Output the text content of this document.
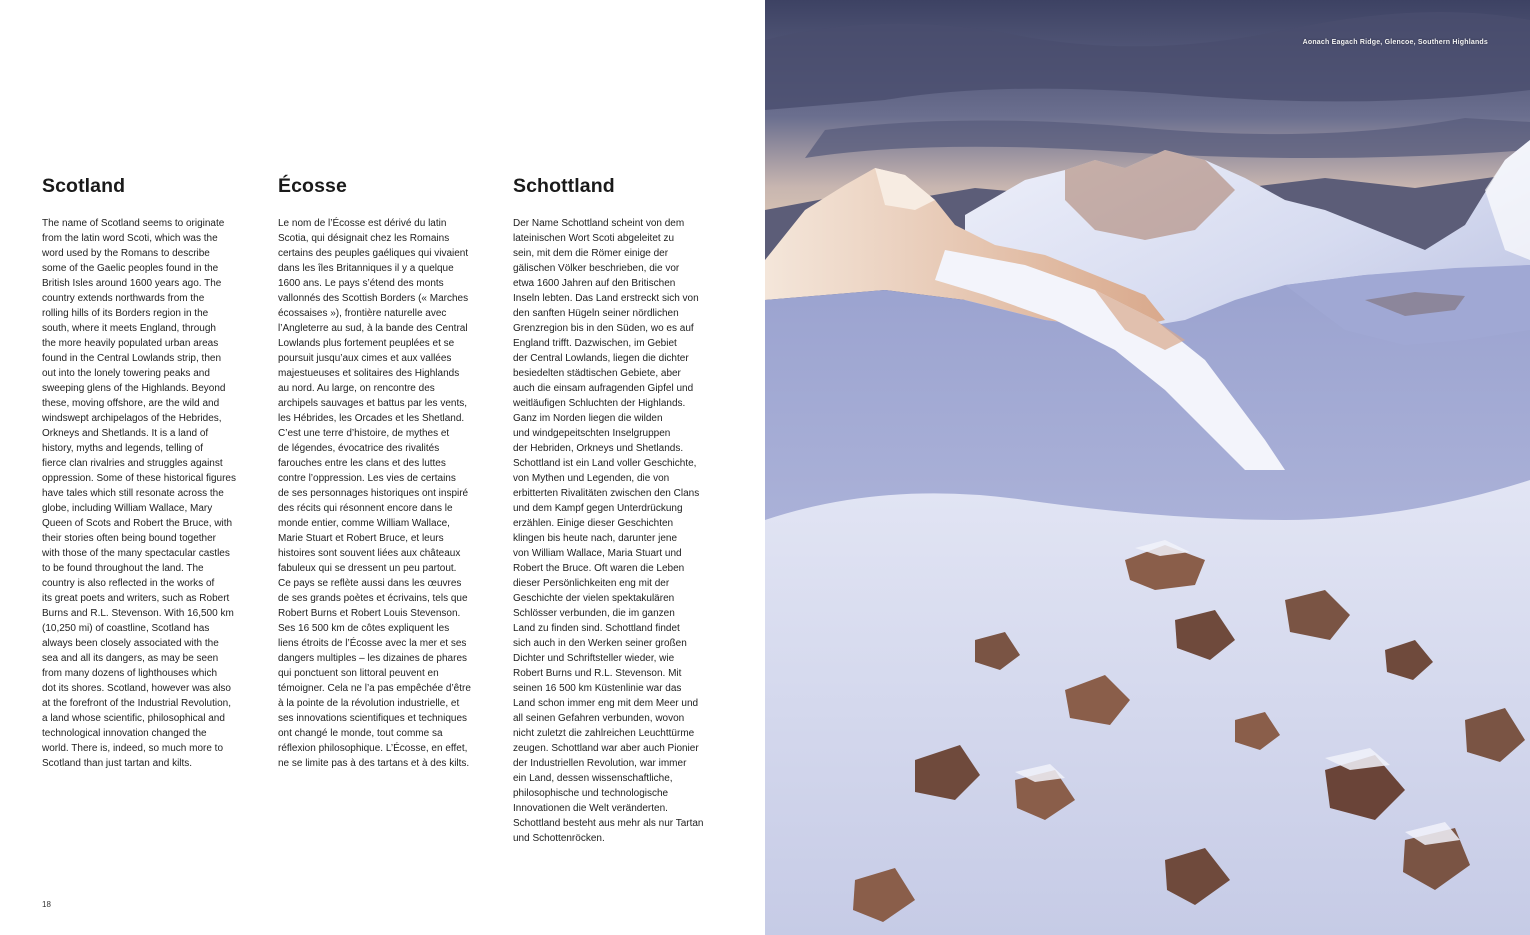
Scotland

The name of Scotland seems to originate
from the latin word Scoti, which was the
word used by the Romans to describe
some of the Gaelic peoples found in the
British Isles around 1600 years ago. The
country extends northwards from the
rolling hills of its Borders region in the
south, where it meets England, through
the more heavily populated urban areas
found in the Central Lowlands strip, then
out into the lonely towering peaks and
sweeping glens of the Highlands. Beyond
these, moving offshore, are the wild and
windswept archipelagos of the Hebrides,
Orkneys and Shetlands. It is a land of
history, myths and legends, telling of
fierce clan rivalries and struggles against
oppression. Some of these historical figures
have tales which still resonate across the
globe, including William Wallace, Mary
Queen of Scots and Robert the Bruce, with
their stories often being bound together
with those of the many spectacular castles
to be found throughout the land. The
country is also reflected in the works of
its great poets and writers, such as Robert
Burns and R.L. Stevenson. With 16,500 km
(10,250 mi) of coastline, Scotland has
always been closely associated with the
sea and all its dangers, as may be seen
from many dozens of lighthouses which
dot its shores. Scotland, however was also
at the forefront of the Industrial Revolution,
a land whose scientific, philosophical and
technological innovation changed the
world. There is, indeed, so much more to
Scotland than just tartan and kilts.

Écosse

Le nom de l’Écosse est dérivé du latin
Scotia, qui désignait chez les Romains
certains des peuples gaéliques qui vivaient
dans les îles Britanniques il y a quelque
1600 ans. Le pays s’étend des monts
vallonnés des Scottish Borders (« Marches
écossaises »), frontière naturelle avec
l’Angleterre au sud, à la bande des Central
Lowlands plus fortement peuplées et se
poursuit jusqu’aux cimes et aux vallées
majestueuses et solitaires des Highlands
au nord. Au large, on rencontre des
archipels sauvages et battus par les vents,
les Hébrides, les Orcades et les Shetland.
C’est une terre d’histoire, de mythes et
de légendes, évocatrice des rivalités
farouches entre les clans et des luttes
contre l’oppression. Les vies de certains
de ses personnages historiques ont inspiré
des récits qui résonnent encore dans le
monde entier, comme William Wallace,
Marie Stuart et Robert Bruce, et leurs
histoires sont souvent liées aux châteaux
fabuleux qui se dressent un peu partout.
Ce pays se reflète aussi dans les œuvres
de ses grands poètes et écrivains, tels que
Robert Burns et Robert Louis Stevenson.
Ses 16 500 km de côtes expliquent les
liens étroits de l’Écosse avec la mer et ses
dangers multiples – les dizaines de phares
qui ponctuent son littoral peuvent en
témoigner. Cela ne l’a pas empêchée d’être
à la pointe de la révolution industrielle, et
ses innovations scientifiques et techniques
ont changé le monde, tout comme sa
réflexion philosophique. L’Écosse, en effet,
ne se limite pas à des tartans et à des kilts.

Schottland

Der Name Schottland scheint von dem
lateinischen Wort Scoti abgeleitet zu
sein, mit dem die Römer einige der
gälischen Völker beschrieben, die vor
etwa 1600 Jahren auf den Britischen
Inseln lebten. Das Land erstreckt sich von
den sanften Hügeln seiner nördlichen
Grenzregion bis in den Süden, wo es auf
England trifft. Dazwischen, im Gebiet
der Central Lowlands, liegen die dichter
besiedelten städtischen Gebiete, aber
auch die einsam aufragenden Gipfel und
weitläufigen Schluchten der Highlands.
Ganz im Norden liegen die wilden
und windgepeitschten Inselgruppen
der Hebriden, Orkneys und Shetlands.
Schottland ist ein Land voller Geschichte,
von Mythen und Legenden, die von
erbitterten Rivalitäten zwischen den Clans
und dem Kampf gegen Unterdrückung
erzählen. Einige dieser Geschichten
klingen bis heute nach, darunter jene
von William Wallace, Maria Stuart und
Robert the Bruce. Oft waren die Leben
dieser Persönlichkeiten eng mit der
Geschichte der vielen spektakulären
Schlösser verbunden, die im ganzen
Land zu finden sind. Schottland findet
sich auch in den Werken seiner großen
Dichter und Schriftsteller wieder, wie
Robert Burns und R.L. Stevenson. Mit
seinen 16 500 km Küstenlinie war das
Land schon immer eng mit dem Meer und
all seinen Gefahren verbunden, wovon
nicht zuletzt die zahlreichen Leuchttürme
zeugen. Schottland war aber auch Pionier
der Industriellen Revolution, war immer
ein Land, dessen wissenschaftliche,
philosophische und technologische
Innovationen die Welt veränderten.
Schottland besteht aus mehr als nur Tartan
und Schottenröcken.

18
Aonach Eagach Ridge, Glencoe, Southern Highlands
